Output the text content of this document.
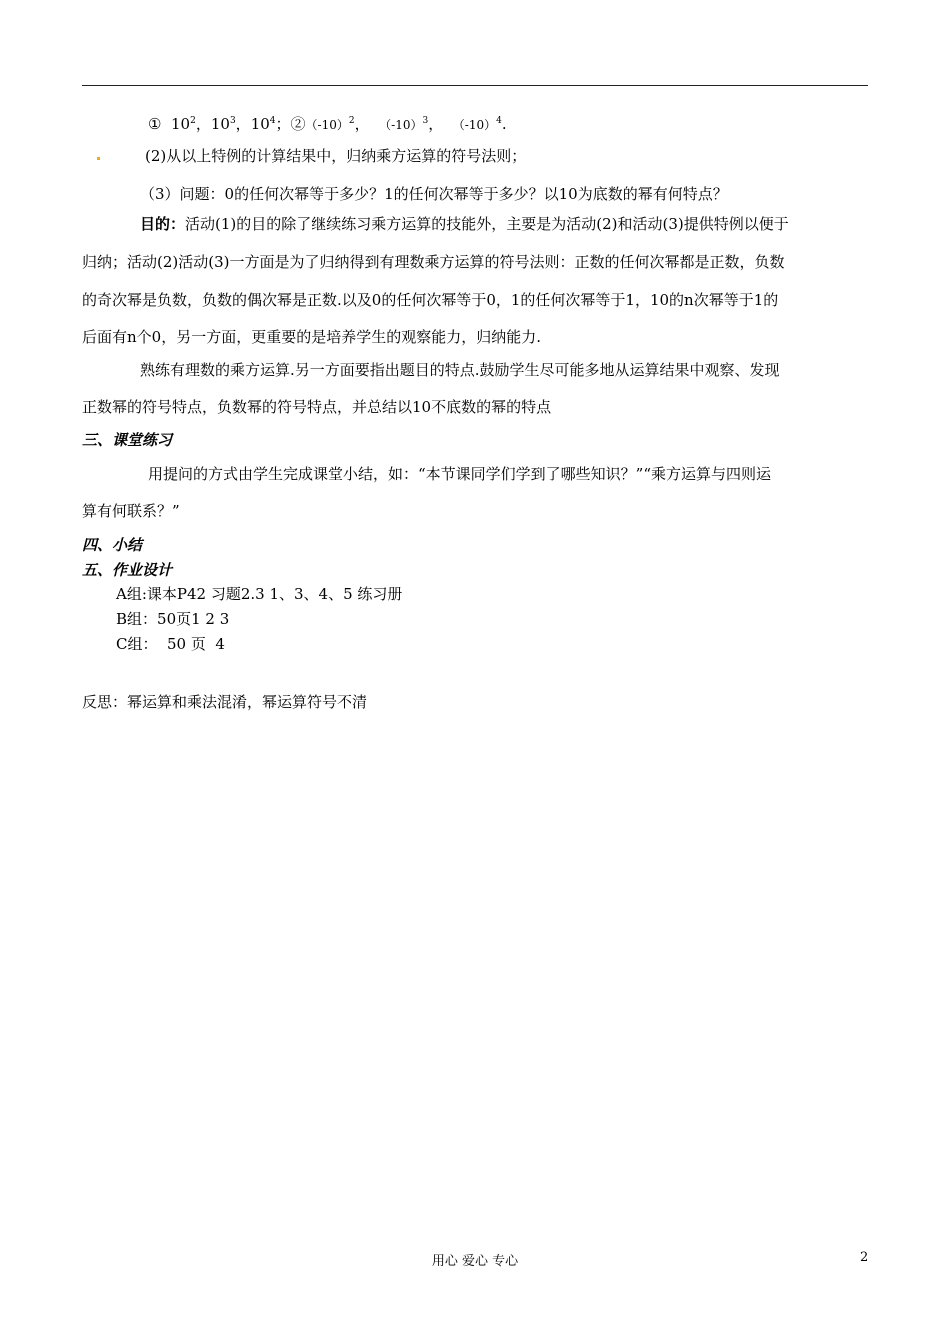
① $10^2$，$10^3$，$10^4$；$②(-10)^2$， $(-10)^3$， $(-10)^4$.
(2)从以上特例的计算结果中，归纳乘方运算的符号法则；
（3）问题：0的任何次幂等于多少？1的任何次幂等于多少？以10为底数的幂有何特点？
目的：活动(1)的目的除了继续练习乘方运算的技能外，主要是为活动(2)和活动(3)提供特例以便于
归纳；活动(2)活动(3)一方面是为了归纳得到有理数乘方运算的符号法则：正数的任何次幂都是正数，负数
的奇次幂是负数，负数的偶次幂是正数.以及0的任何次幂等于0，1的任何次幂等于1，10的n次幂等于1的
后面有n个0，另一方面，更重要的是培养学生的观察能力，归纳能力.
熟练有理数的乘方运算.另一方面要指出题目的特点.鼓励学生尽可能多地从运算结果中观察、发现
正数幂的符号特点，负数幂的符号特点，并总结以10不底数的幂的特点
三、课堂练习
用提问的方式由学生完成课堂小结，如：“本节课同学们学到了哪些知识？”“乘方运算与四则运
算有何联系？”
四、小结
五、作业设计
A组:课本P42 习题2.3 1、3、4、5 练习册
B组：50页1 2 3
C组：  50 页  4
反思：幂运算和乘法混淆，幂运算符号不清
用心 爱心 专心	2
